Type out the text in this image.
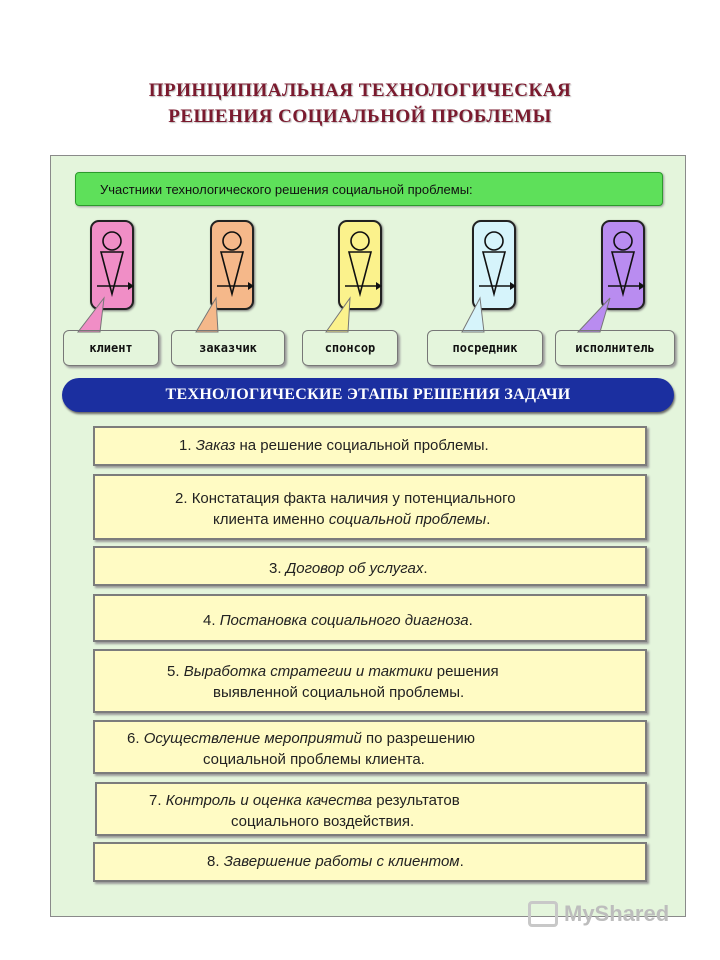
ПРИНЦИПИАЛЬНАЯ ТЕХНОЛОГИЧЕСКАЯ
РЕШЕНИЯ СОЦИАЛЬНОЙ ПРОБЛЕМЫ
Участники технологического решения социальной проблемы:
клиент	заказчик	спонсор	посредник	исполнитель
ТЕХНОЛОГИЧЕСКИЕ ЭТАПЫ РЕШЕНИЯ ЗАДАЧИ
1. Заказ на решение социальной проблемы.
2. Констатация факта наличия у потенциального
клиента именно социальной проблемы.
3. Договор об услугах.
4. Постановка социального диагноза.
5. Выработка стратегии и тактики решения
выявленной социальной проблемы.
6. Осуществление мероприятий по разрешению
социальной проблемы клиента.
7. Контроль и оценка качества результатов
социального воздействия.
8. Завершение работы с клиентом.
MyShared
